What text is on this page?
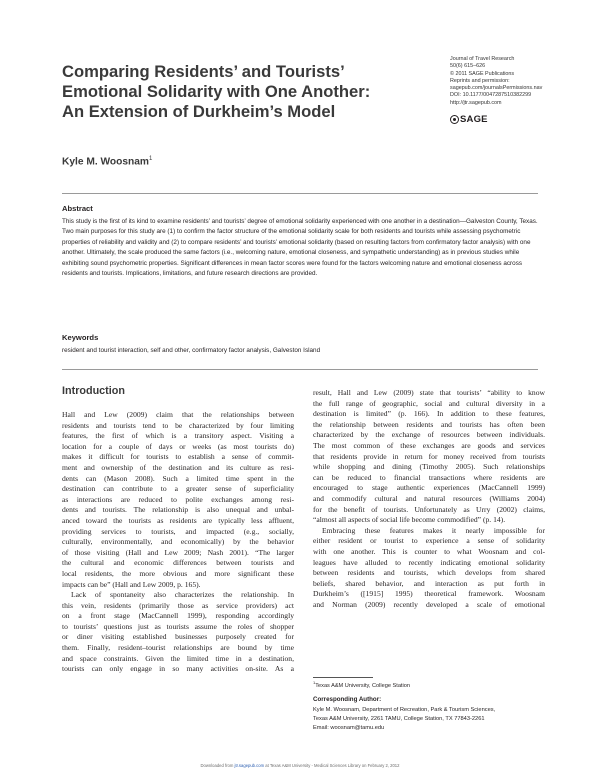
Comparing Residents’ and Tourists’
Emotional Solidarity with One Another:
An Extension of Durkheim’s Model
Journal of Travel Research
50(6) 615–626
© 2011 SAGE Publications
Reprints and permission:
sagepub.com/journalsPermissions.nav
DOI: 10.1177/0047287510382299
http://jtr.sagepub.com
SAGE
Kyle M. Woosnam$^1$
Abstract
This study is the first of its kind to examine residents’ and tourists’ degree of emotional solidarity experienced with one another in a destination—Galveston County, Texas. Two main purposes for this study are (1) to confirm the factor structure of the emotional solidarity scale for both residents and tourists while assessing psychometric properties of reliability and validity and (2) to compare residents’ and tourists’ emotional solidarity (based on resulting factors from confirmatory factor analysis) with one another. Ultimately, the scale produced the same factors (i.e., welcoming nature, emotional closeness, and sympathetic understanding) as in previous studies while exhibiting sound psychometric properties. Significant differences in mean factor scores were found for the factors welcoming nature and emotional closeness across residents and tourists. Implications, limitations, and future research directions are provided.
Keywords
resident and tourist interaction, self and other, confirmatory factor analysis, Galveston Island
Introduction
Hall and Lew (2009) claim that the relationships between
residents and tourists tend to be characterized by four limiting
features, the first of which is a transitory aspect. Visiting a
location for a couple of days or weeks (as most tourists do)
makes it difficult for tourists to establish a sense of commit-
ment and ownership of the destination and its culture as resi-
dents can (Mason 2008). Such a limited time spent in the
destination can contribute to a greater sense of superficiality
as interactions are reduced to polite exchanges among resi-
dents and tourists. The relationship is also unequal and unbal-
anced toward the tourists as residents are typically less affluent,
providing services to tourists, and impacted (e.g., socially,
culturally, environmentally, and economically) by the behavior
of those visiting (Hall and Lew 2009; Nash 2001). “The larger
the cultural and economic differences between tourists and
local residents, the more obvious and more significant these
impacts can be” (Hall and Lew 2009, p. 165).
Lack of spontaneity also characterizes the relationship. In
this vein, residents (primarily those as service providers) act
on a front stage (MacCannell 1999), responding accordingly
to tourists’ questions just as tourists assume the roles of shopper
or diner visiting established businesses purposely created for
them. Finally, resident–tourist relationships are bound by time
and space constraints. Given the limited time in a destination,
tourists can only engage in so many activities on-site. As a
result, Hall and Lew (2009) state that tourists’ “ability to know
the full range of geographic, social and cultural diversity in a
destination is limited” (p. 166). In addition to these features,
the relationship between residents and tourists has often been
characterized by the exchange of resources between individuals.
The most common of these exchanges are goods and services
that residents provide in return for money received from tourists
while shopping and dining (Timothy 2005). Such relationships
can be reduced to financial transactions where residents are
encouraged to stage authentic experiences (MacCannell 1999)
and commodify cultural and natural resources (Williams 2004)
for the benefit of tourists. Unfortunately as Urry (2002) claims,
“almost all aspects of social life become commodified” (p. 14).
Embracing these features makes it nearly impossible for
either resident or tourist to experience a sense of solidarity
with one another. This is counter to what Woosnam and col-
leagues have alluded to recently indicating emotional solidarity
between residents and tourists, which develops from shared
beliefs, shared behavior, and interaction as put forth in
Durkheim’s ([1915] 1995) theoretical framework. Woosnam
and Norman (2009) recently developed a scale of emotional
$^1$Texas A&M University, College Station
Corresponding Author:
Kyle M. Woosnam, Department of Recreation, Park & Tourism Sciences,
Texas A&M University, 2261 TAMU, College Station, TX 77843-2261
Email: woosnam@tamu.edu
Downloaded from jtr.sagepub.com at Texas A&M University - Medical Sciences Library on February 2, 2012
